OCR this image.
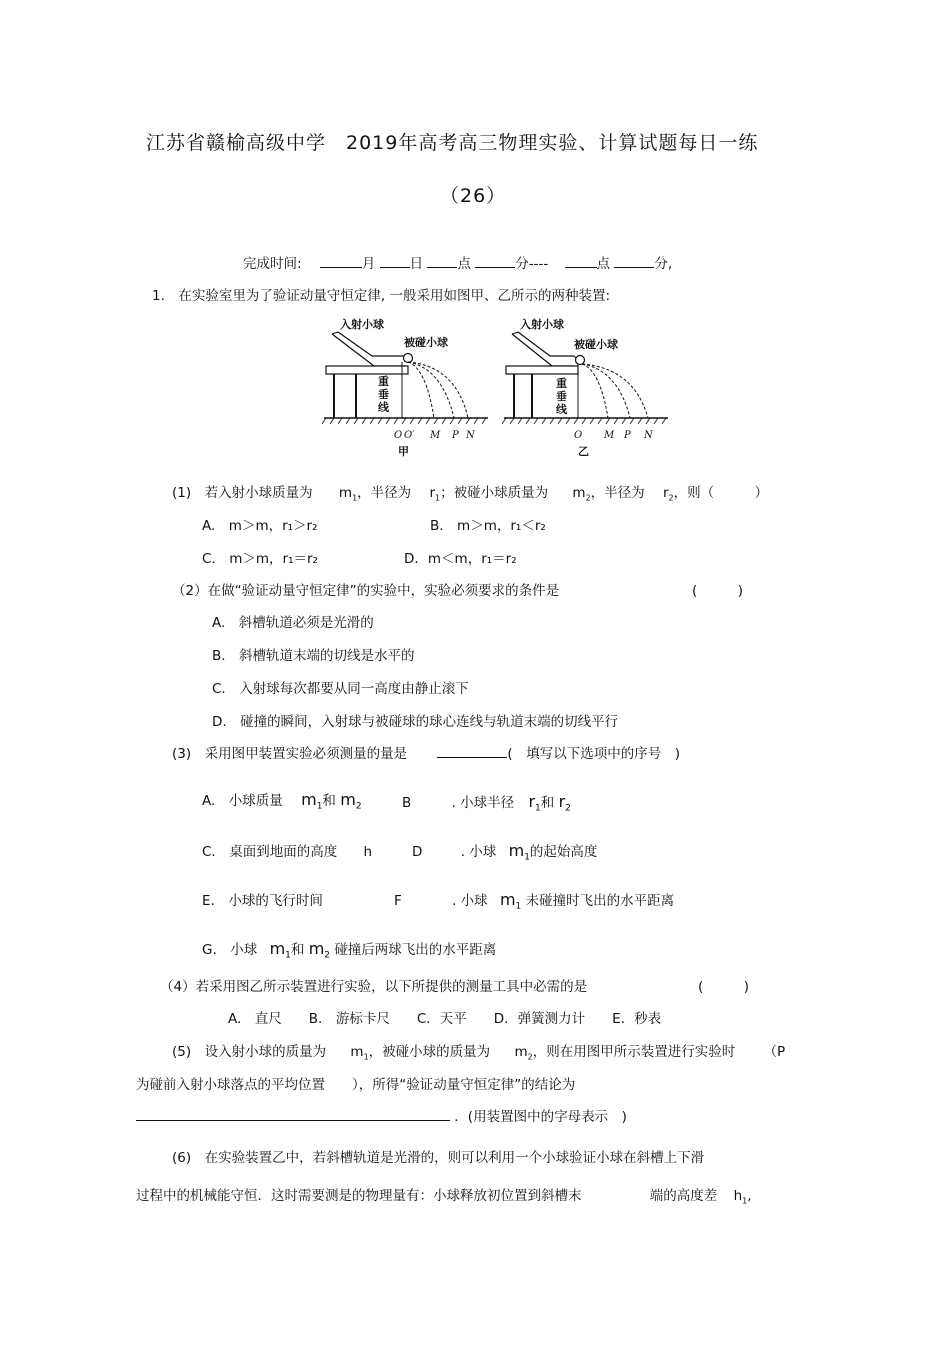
江苏省赣榆高级中学　2019年高考高三物理实验、计算试题每日一练
（26）
完成时间:	月	日	点	分----	点	分,
1.　在实验室里为了验证动量守恒定律, 一般采用如图甲、乙所示的两种装置:
入射小球
被碰小球
重
垂
线
O O′ M P N
甲
入射小球
被碰小球
重
垂
线
O M P N
乙
(1)　若入射小球质量为 $m_1$，半径为 $r_1$；被碰小球质量为 $m_2$，半径为 $r_2$，则（　　　）
A.　m＞m，r₁＞r₂	B.　m＞m，r₁＜r₂
C.　m＞m，r₁＝r₂	D．m＜m，r₁＝r₂
（2）在做“验证动量守恒定律”的实验中，实验必须要求的条件是	(　　　)
A.　斜槽轨道必须是光滑的
B.　斜槽轨道末端的切线是水平的
C.　入射球每次都要从同一高度由静止滚下
D.　碰撞的瞬间，入射球与被碰球的球心连线与轨道末端的切线平行
(3)　采用图甲装置实验必须测量的量是	(　填写以下选项中的序号　)
A.　小球质量 $m_1$和 $m_2$	B	. 小球半径 $r_1$和 $r_2$
C.　桌面到地面的高度 h	D	. 小球 $m_1$的起始高度
E.　小球的飞行时间	F	. 小球 $m_1$ 未碰撞时飞出的水平距离
G.　小球 $m_1$和 $m_2$ 碰撞后两球飞出的水平距离
（4）若采用图乙所示装置进行实验，以下所提供的测量工具中必需的是	(　　　)
A.　直尺　　B.　游标卡尺　　C．天平　　D．弹簧测力计　　E．秒表
(5)　设入射小球的质量为 $m_1$，被碰小球的质量为 $m_2$，则在用图甲所示装置进行实验时 （P
为碰前入射小球落点的平均位置　　），所得“验证动量守恒定律”的结论为
．(用装置图中的字母表示　)
(6)　在实验装置乙中，若斜槽轨道是光滑的，则可以利用一个小球验证小球在斜槽上下滑
过程中的机械能守恒．这时需要测是的物理量有：小球释放初位置到斜槽末	端的高度差 $h_1$,
